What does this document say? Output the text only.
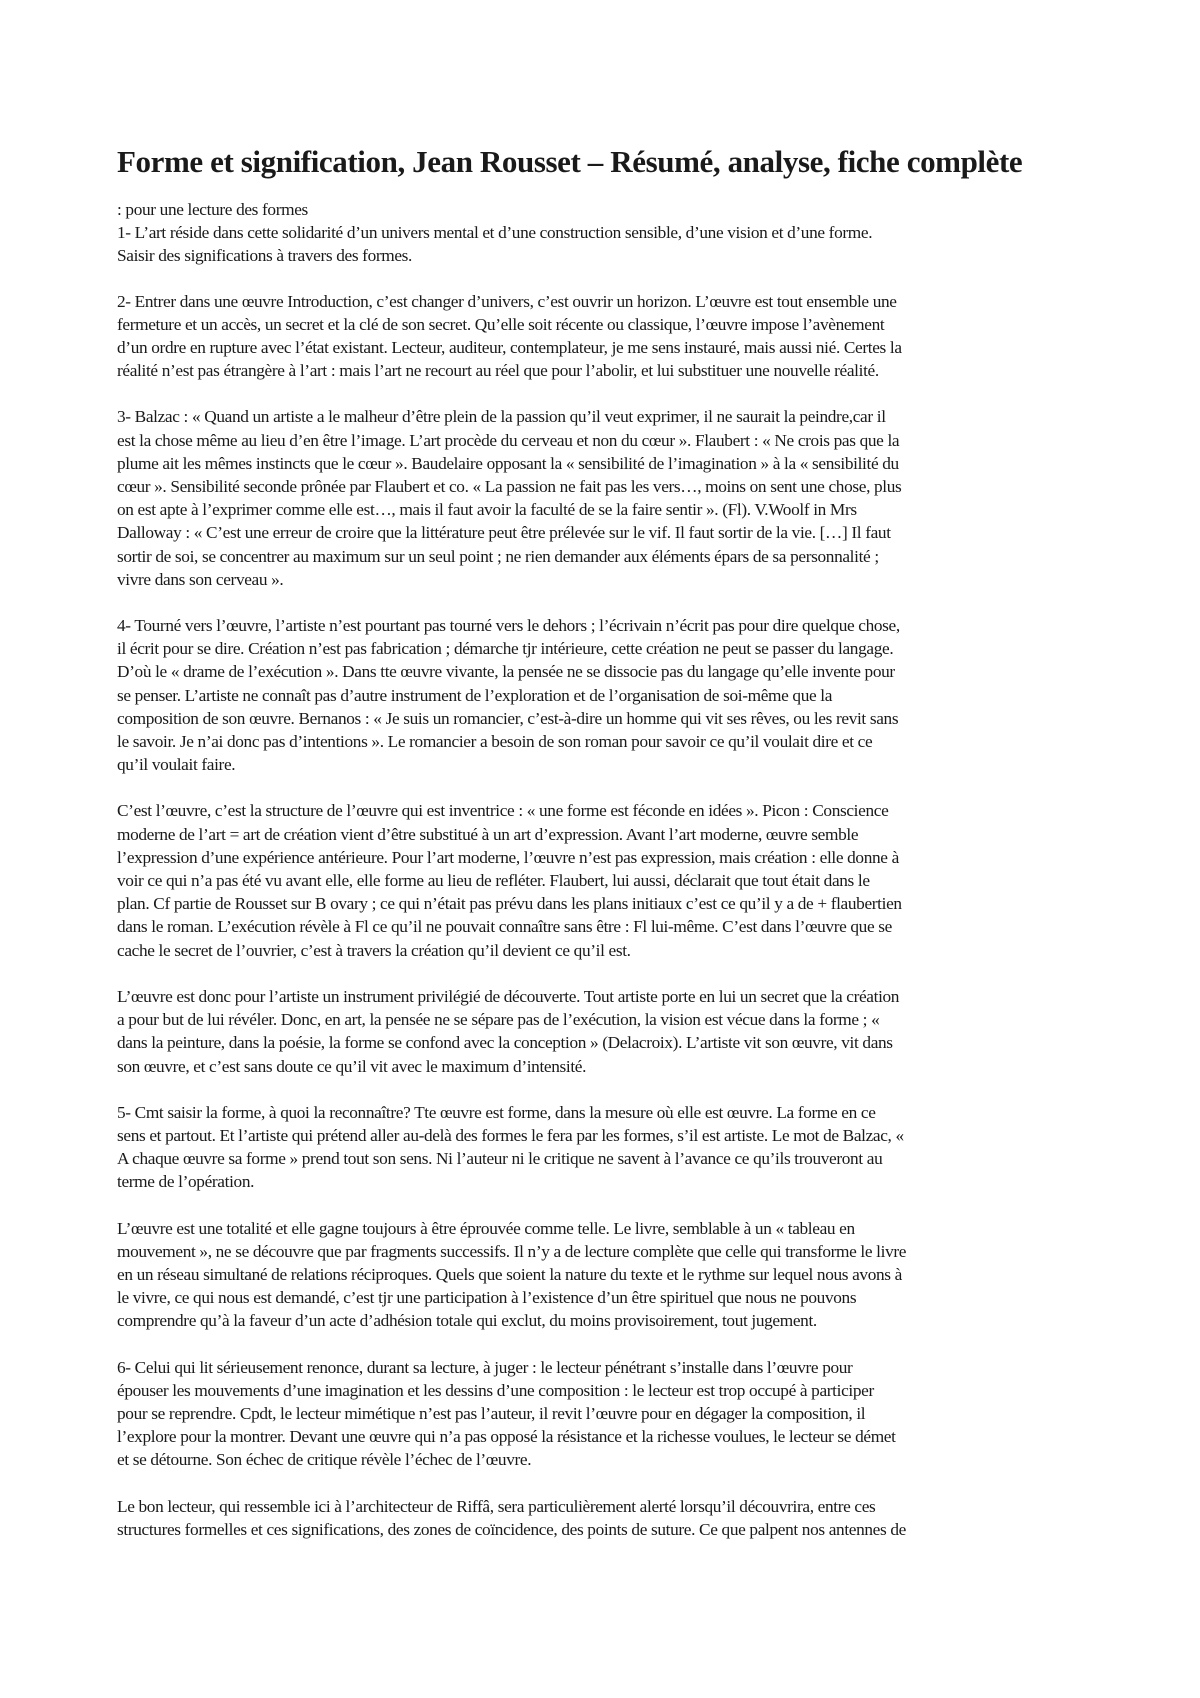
Forme et signification, Jean Rousset – Résumé, analyse, fiche complète

: pour une lecture des formes

1- L’art réside dans cette solidarité d’un univers mental et d’une construction sensible, d’une vision et d’une forme.

Saisir des significations à travers des formes.

2- Entrer dans une œuvre Introduction, c’est changer d’univers, c’est ouvrir un horizon. L’œuvre est tout ensemble une
fermeture et un accès, un secret et la clé de son secret. Qu’elle soit récente ou classique, l’œuvre impose l’avènement
d’un ordre en rupture avec l’état existant. Lecteur, auditeur, contemplateur, je me sens instauré, mais aussi nié. Certes la
réalité n’est pas étrangère à l’art : mais l’art ne recourt au réel que pour l’abolir, et lui substituer une nouvelle réalité.

3- Balzac : « Quand un artiste a le malheur d’être plein de la passion qu’il veut exprimer, il ne saurait la peindre,car il
est la chose même au lieu d’en être l’image. L’art procède du cerveau et non du cœur ». Flaubert : « Ne crois pas que la
plume ait les mêmes instincts que le cœur ». Baudelaire opposant la « sensibilité de l’imagination » à la « sensibilité du
cœur ». Sensibilité seconde prônée par Flaubert et co. « La passion ne fait pas les vers…, moins on sent une chose, plus
on est apte à l’exprimer comme elle est…, mais il faut avoir la faculté de se la faire sentir ». (Fl). V.Woolf in Mrs
Dalloway : « C’est une erreur de croire que la littérature peut être prélevée sur le vif. Il faut sortir de la vie. […] Il faut
sortir de soi, se concentrer au maximum sur un seul point ; ne rien demander aux éléments épars de sa personnalité ;
vivre dans son cerveau ».

4- Tourné vers l’œuvre, l’artiste n’est pourtant pas tourné vers le dehors ; l’écrivain n’écrit pas pour dire quelque chose,
il écrit pour se dire. Création n’est pas fabrication ; démarche tjr intérieure, cette création ne peut se passer du langage.
D’où le « drame de l’exécution ». Dans tte œuvre vivante, la pensée ne se dissocie pas du langage qu’elle invente pour
se penser. L’artiste ne connaît pas d’autre instrument de l’exploration et de l’organisation de soi-même que la
composition de son œuvre. Bernanos : « Je suis un romancier, c’est-à-dire un homme qui vit ses rêves, ou les revit sans
le savoir. Je n’ai donc pas d’intentions ». Le romancier a besoin de son roman pour savoir ce qu’il voulait dire et ce
qu’il voulait faire.

C’est l’œuvre, c’est la structure de l’œuvre qui est inventrice : « une forme est féconde en idées ». Picon : Conscience
moderne de l’art = art de création vient d’être substitué à un art d’expression. Avant l’art moderne, œuvre semble
l’expression d’une expérience antérieure. Pour l’art moderne, l’œuvre n’est pas expression, mais création : elle donne à
voir ce qui n’a pas été vu avant elle, elle forme au lieu de refléter. Flaubert, lui aussi, déclarait que tout était dans le
plan. Cf partie de Rousset sur B ovary ; ce qui n’était pas prévu dans les plans initiaux c’est ce qu’il y a de + flaubertien
dans le roman. L’exécution révèle à Fl ce qu’il ne pouvait connaître sans être : Fl lui-même. C’est dans l’œuvre que se
cache le secret de l’ouvrier, c’est à travers la création qu’il devient ce qu’il est.

L’œuvre est donc pour l’artiste un instrument privilégié de découverte. Tout artiste porte en lui un secret que la création
a pour but de lui révéler. Donc, en art, la pensée ne se sépare pas de l’exécution, la vision est vécue dans la forme ; «
dans la peinture, dans la poésie, la forme se confond avec la conception » (Delacroix). L’artiste vit son œuvre, vit dans
son œuvre, et c’est sans doute ce qu’il vit avec le maximum d’intensité.

5- Cmt saisir la forme, à quoi la reconnaître? Tte œuvre est forme, dans la mesure où elle est œuvre. La forme en ce
sens et partout. Et l’artiste qui prétend aller au-delà des formes le fera par les formes, s’il est artiste. Le mot de Balzac, «
A chaque œuvre sa forme » prend tout son sens. Ni l’auteur ni le critique ne savent à l’avance ce qu’ils trouveront au
terme de l’opération.

L’œuvre est une totalité et elle gagne toujours à être éprouvée comme telle. Le livre, semblable à un « tableau en
mouvement », ne se découvre que par fragments successifs. Il n’y a de lecture complète que celle qui transforme le livre
en un réseau simultané de relations réciproques. Quels que soient la nature du texte et le rythme sur lequel nous avons à
le vivre, ce qui nous est demandé, c’est tjr une participation à l’existence d’un être spirituel que nous ne pouvons
comprendre qu’à la faveur d’un acte d’adhésion totale qui exclut, du moins provisoirement, tout jugement.

6- Celui qui lit sérieusement renonce, durant sa lecture, à juger : le lecteur pénétrant s’installe dans l’œuvre pour
épouser les mouvements d’une imagination et les dessins d’une composition : le lecteur est trop occupé à participer
pour se reprendre. Cpdt, le lecteur mimétique n’est pas l’auteur, il revit l’œuvre pour en dégager la composition, il
l’explore pour la montrer. Devant une œuvre qui n’a pas opposé la résistance et la richesse voulues, le lecteur se démet
et se détourne. Son échec de critique révèle l’échec de l’œuvre.

Le bon lecteur, qui ressemble ici à l’architecteur de Riffâ, sera particulièrement alerté lorsqu’il découvrira, entre ces
structures formelles et ces significations, des zones de coïncidence, des points de suture. Ce que palpent nos antennes de
